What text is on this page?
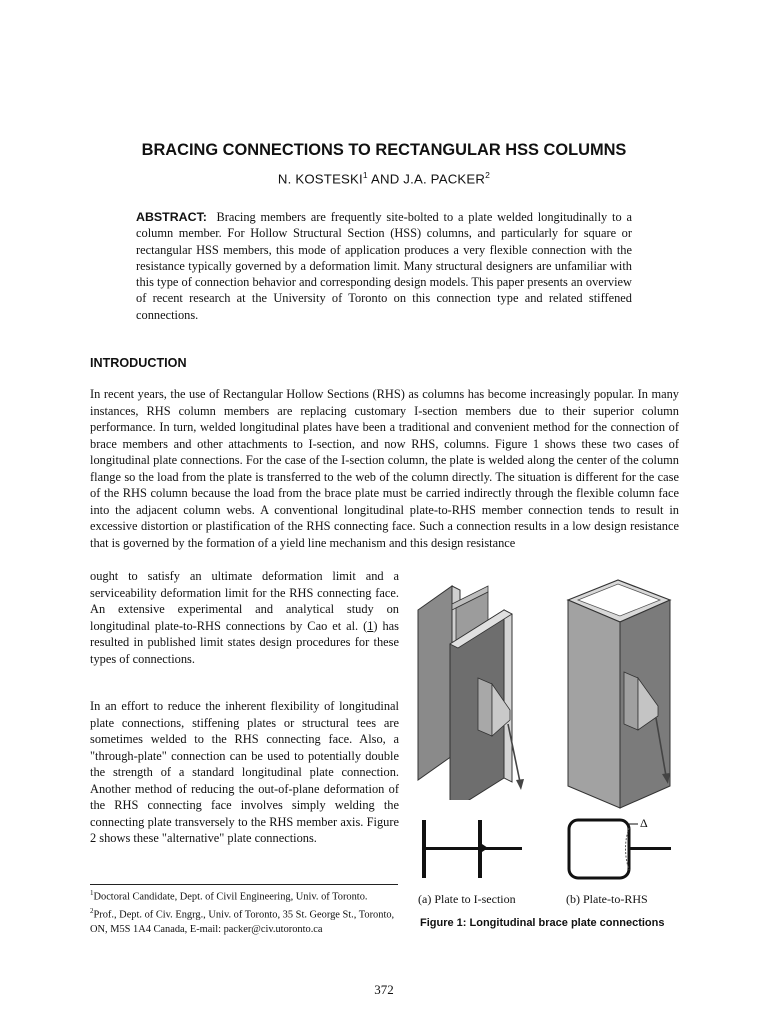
BRACING CONNECTIONS TO RECTANGULAR HSS COLUMNS
N. KOSTESKI$^1$ AND J.A. PACKER$^2$
ABSTRACT: Bracing members are frequently site-bolted to a plate welded longitudinally to a column member. For Hollow Structural Section (HSS) columns, and particularly for square or rectangular HSS members, this mode of application produces a very flexible connection with the resistance typically governed by a deformation limit. Many structural designers are unfamiliar with this type of connection behavior and corresponding design models. This paper presents an overview of recent research at the University of Toronto on this connection type and related stiffened connections.
INTRODUCTION
In recent years, the use of Rectangular Hollow Sections (RHS) as columns has become increasingly popular. In many instances, RHS column members are replacing customary I-section members due to their superior column performance. In turn, welded longitudinal plates have been a traditional and convenient method for the connection of brace members and other attachments to I-section, and now RHS, columns. Figure 1 shows these two cases of longitudinal plate connections. For the case of the I-section column, the plate is welded along the center of the column flange so the load from the plate is transferred to the web of the column directly. The situation is different for the case of the RHS column because the load from the brace plate must be carried indirectly through the flexible column face into the adjacent column webs. A conventional longitudinal plate-to-RHS member connection tends to result in excessive distortion or plastification of the RHS connecting face. Such a connection results in a low design resistance that is governed by the formation of a yield line mechanism and this design resistance
ought to satisfy an ultimate deformation limit and a serviceability deformation limit for the RHS connecting face. An extensive experimental and analytical study on longitudinal plate-to-RHS connections by Cao et al. (1) has resulted in published limit states design procedures for these types of connections.
In an effort to reduce the inherent flexibility of longitudinal plate connections, stiffening plates or structural tees are sometimes welded to the RHS connecting face. Also, a "through-plate" connection can be used to potentially double the strength of a standard longitudinal plate connection. Another method of reducing the out-of-plane deformation of the RHS connecting face involves simply welding the connecting plate transversely to the RHS member axis. Figure 2 shows these "alternative" plate connections.
Δ
$^1$Doctoral Candidate, Dept. of Civil Engineering, Univ. of Toronto.
$^2$Prof., Dept. of Civ. Engrg., Univ. of Toronto, 35 St. George St., Toronto, ON, M5S 1A4 Canada, E-mail: packer@civ.utoronto.ca
(a) Plate to I-section	(b) Plate-to-RHS
Figure 1: Longitudinal brace plate connections
372
